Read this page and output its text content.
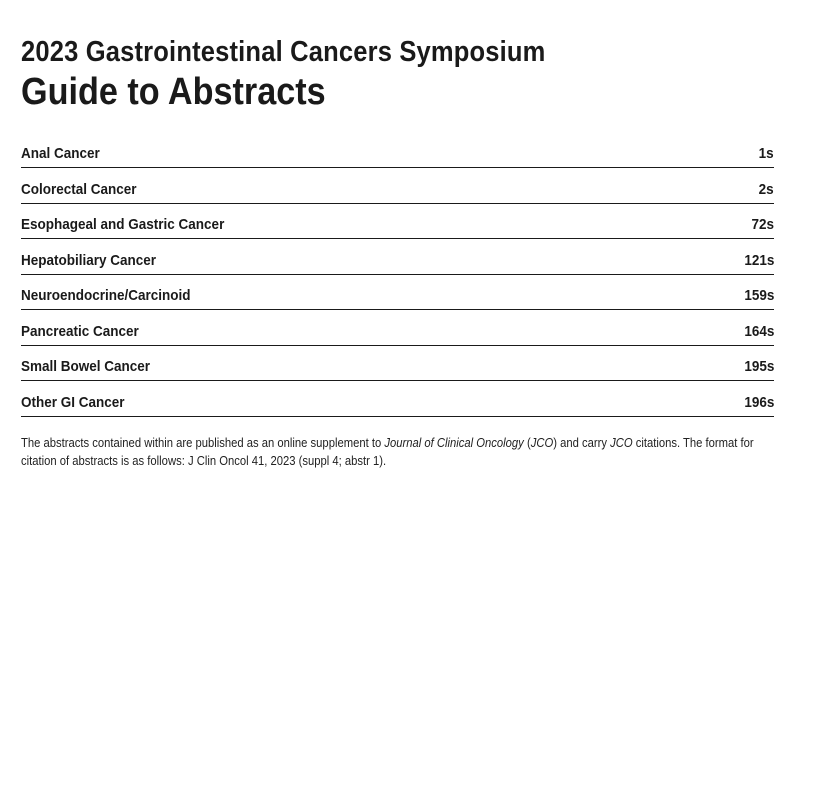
2023 Gastrointestinal Cancers Symposium
Guide to Abstracts
Anal Cancer	1s
Colorectal Cancer	2s
Esophageal and Gastric Cancer	72s
Hepatobiliary Cancer	121s
Neuroendocrine/Carcinoid	159s
Pancreatic Cancer	164s
Small Bowel Cancer	195s
Other GI Cancer	196s

The abstracts contained within are published as an online supplement to Journal of Clinical Oncology (JCO) and carry JCO citations. The format for citation of abstracts is as follows: J Clin Oncol 41, 2023 (suppl 4; abstr 1).
